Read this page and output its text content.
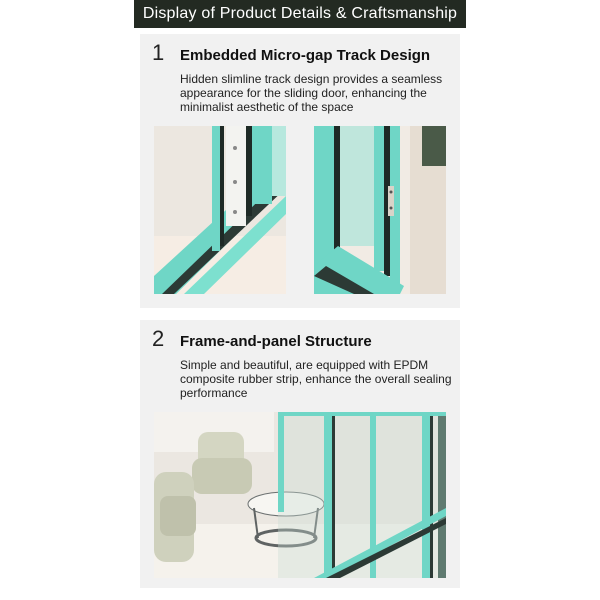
Display of Product Details & Craftsmanship
1 Embedded Micro-gap Track Design

Hidden slimline track design provides a seamless appearance for the sliding door, enhancing the minimalist aesthetic of the space

2 Frame-and-panel Structure

Simple and beautiful, are equipped with EPDM composite rubber strip, enhance the overall sealing performance
